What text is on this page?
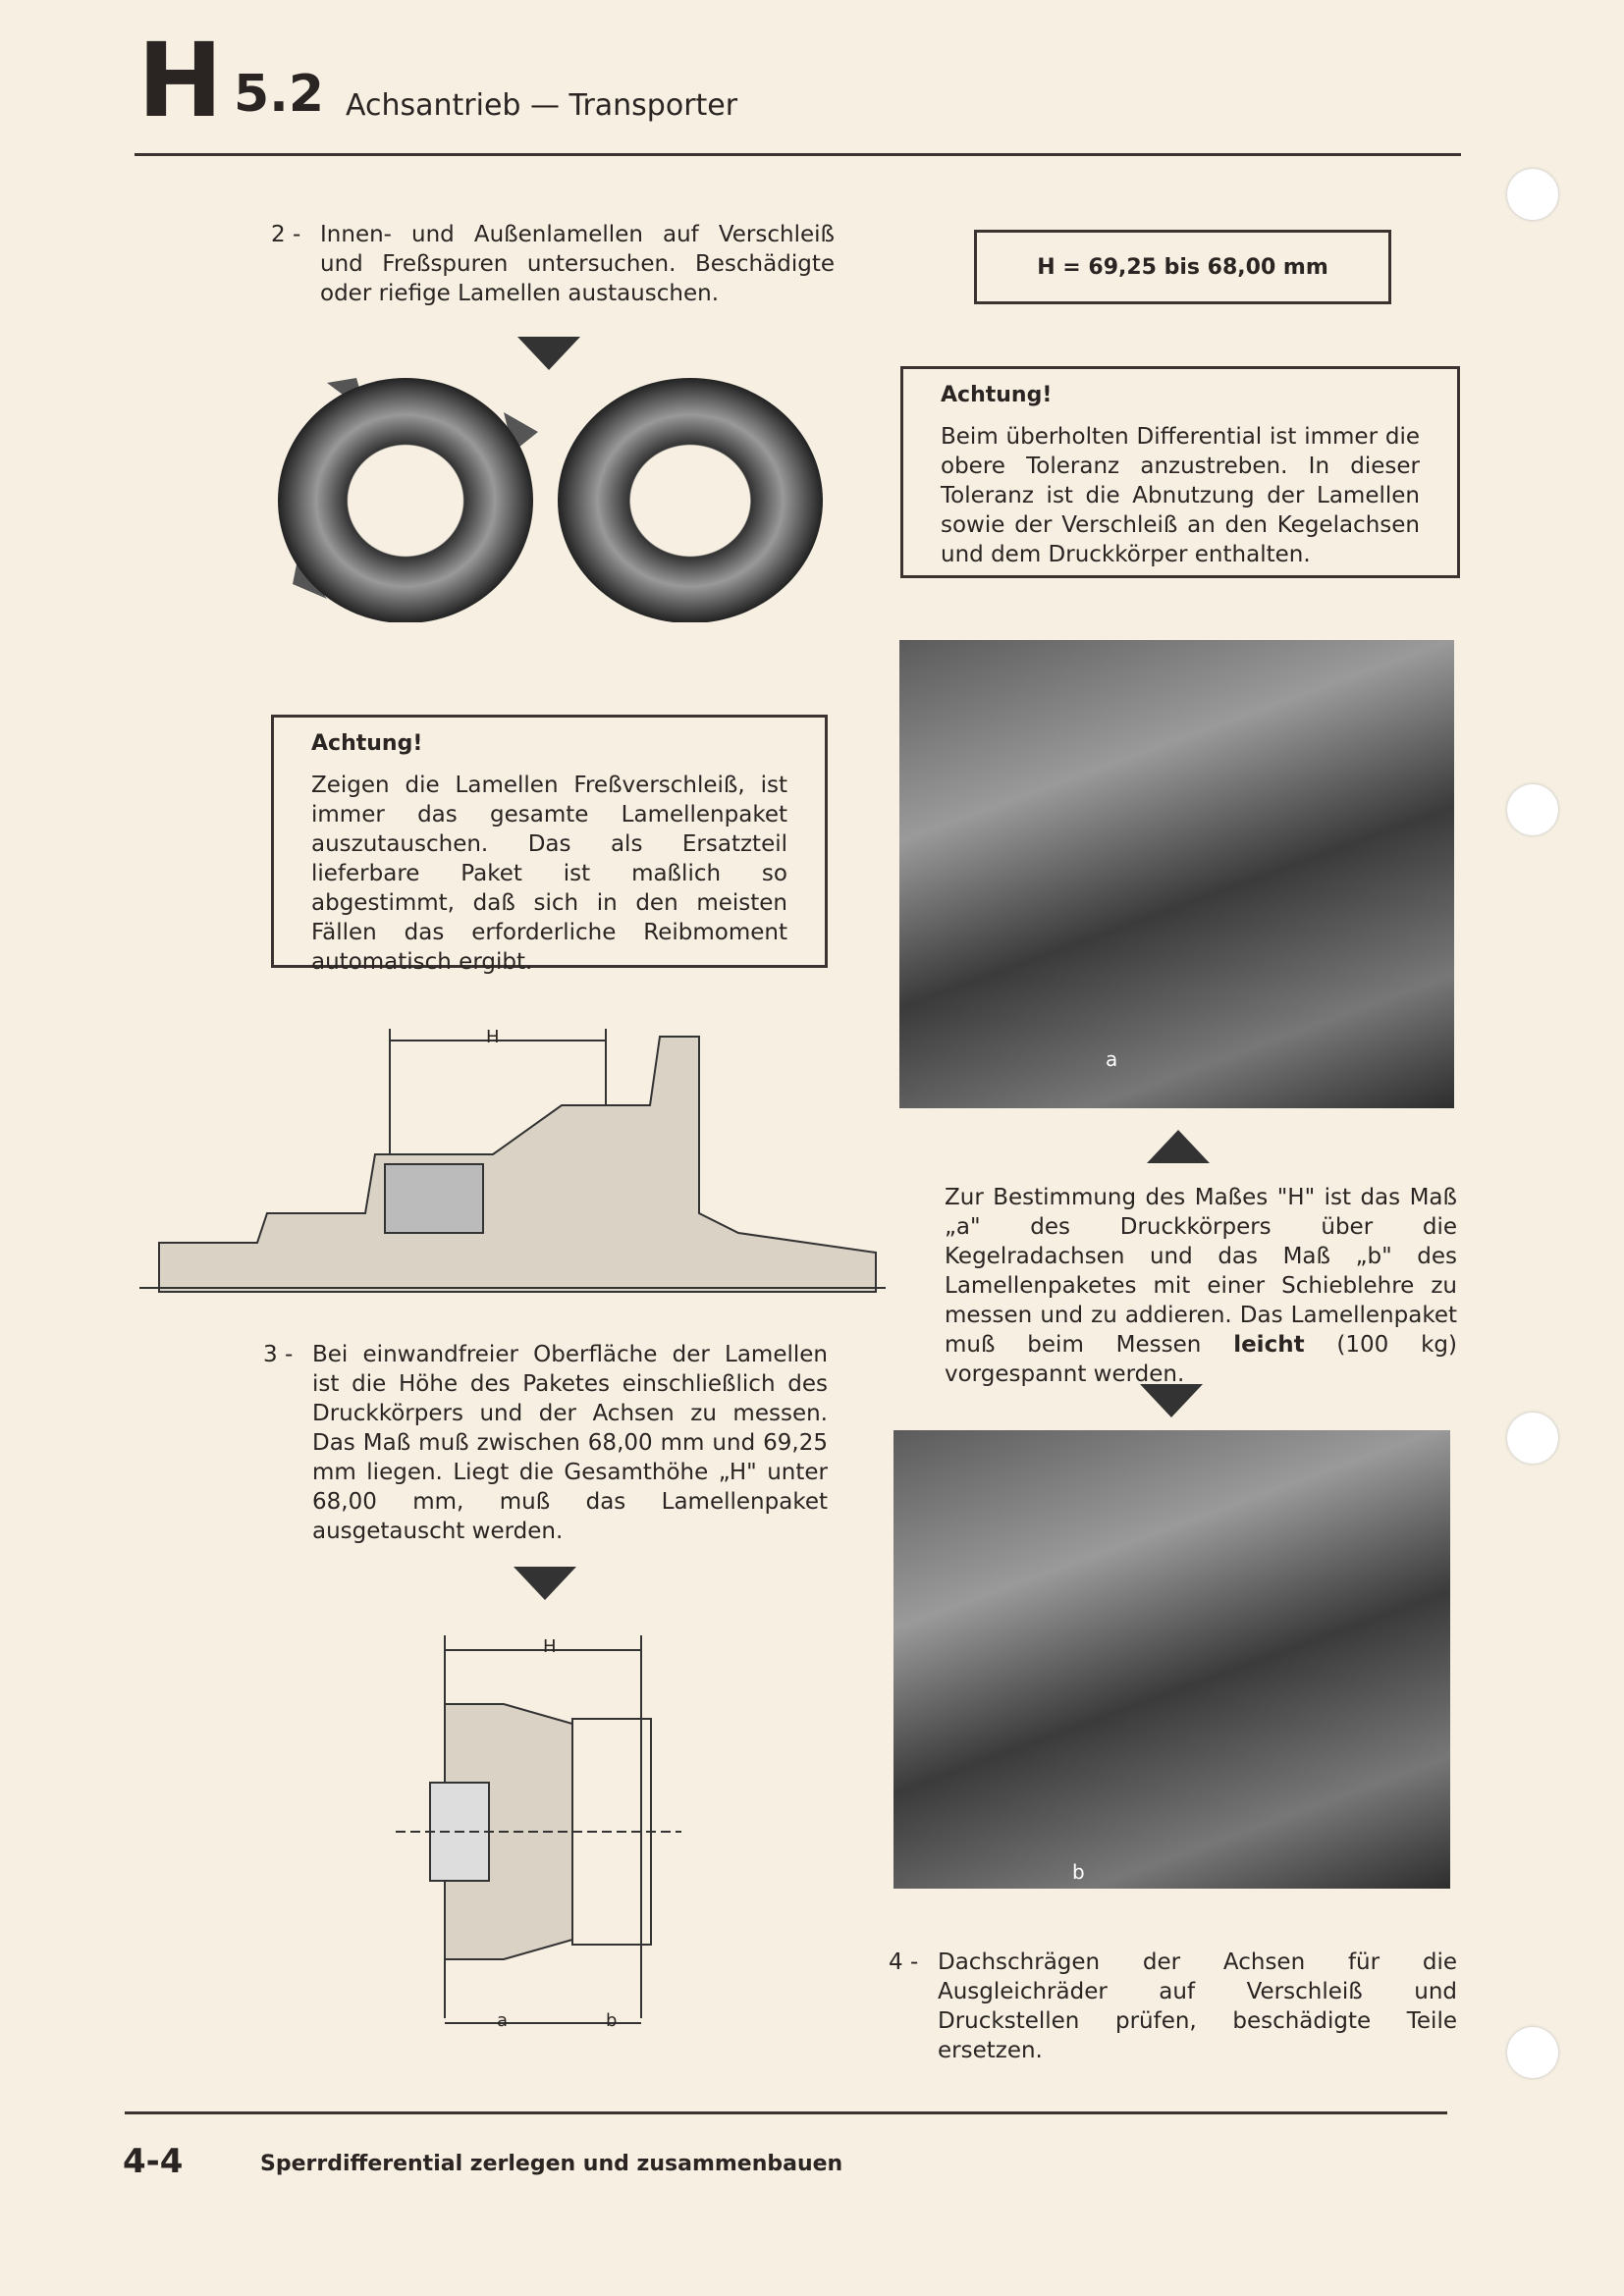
H 5.2 Achsantrieb — Transporter
2 - Innen- und Außenlamellen auf Verschleiß und Freßspuren untersuchen. Beschädigte oder riefige Lamellen austauschen.
H = 69,25 bis 68,00 mm
Achtung!
Beim überholten Differential ist immer die obere Toleranz anzustreben. In dieser Toleranz ist die Abnutzung der Lamellen sowie der Verschleiß an den Kegelachsen und dem Druckkörper enthalten.
a
Achtung!
Zeigen die Lamellen Freßverschleiß, ist immer das gesamte Lamellenpaket auszutauschen. Das als Ersatzteil lieferbare Paket ist maßlich so abgestimmt, daß sich in den meisten Fällen das erforderliche Reibmoment automatisch ergibt.
H
Zur Bestimmung des Maßes "H" ist das Maß „a" des Druckkörpers über die Kegelradachsen und das Maß „b" des Lamellenpaketes mit einer Schieblehre zu messen und zu addieren. Das Lamellenpaket muß beim Messen leicht (100 kg) vorgespannt werden.
3 - Bei einwandfreier Oberfläche der Lamellen ist die Höhe des Paketes einschließlich des Druckkörpers und der Achsen zu messen. Das Maß muß zwischen 68,00 mm und 69,25 mm liegen. Liegt die Gesamthöhe „H" unter 68,00 mm, muß das Lamellenpaket ausgetauscht werden.
b
H
a	b
4 - Dachschrägen der Achsen für die Ausgleichräder auf Verschleiß und Druckstellen prüfen, beschädigte Teile ersetzen.
4-4	Sperrdifferential zerlegen und zusammenbauen
